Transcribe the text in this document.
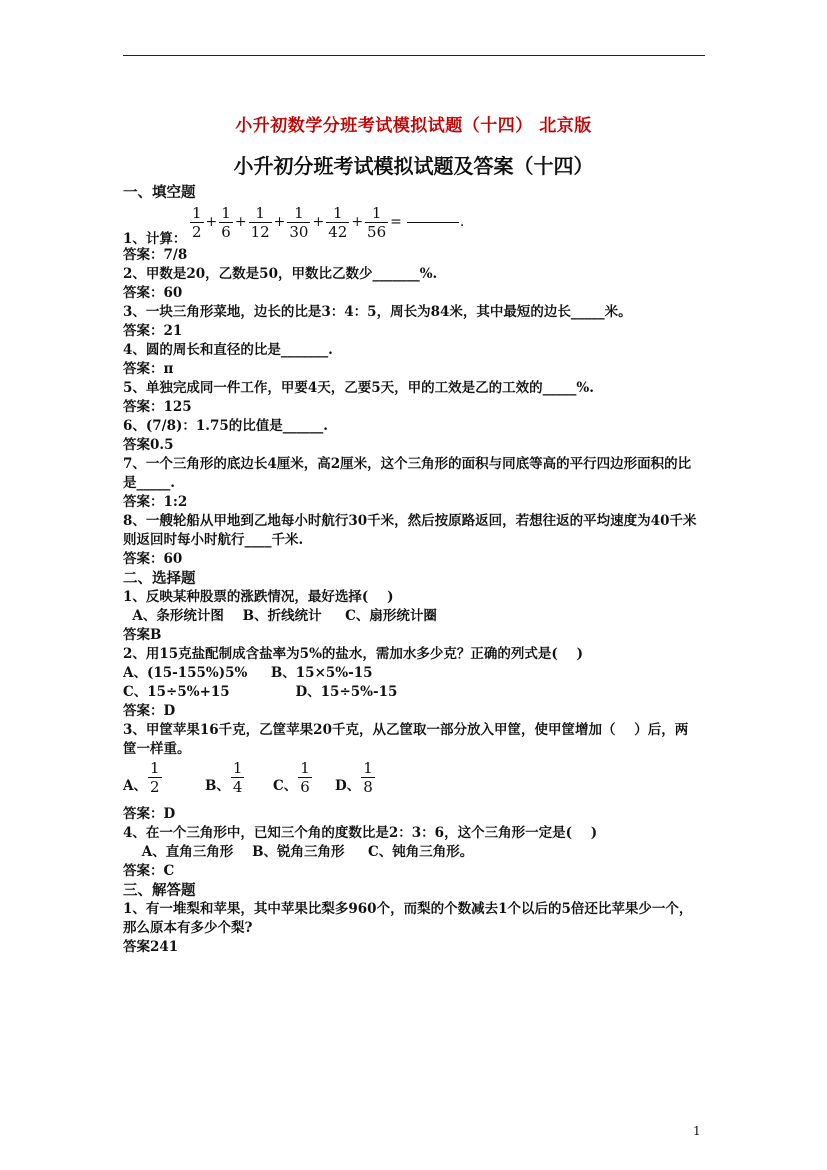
小升初数学分班考试模拟试题（十四） 北京版
小升初分班考试模拟试题及答案（十四）
一、填空题
1、计算： $\frac{1}{2} + \frac{1}{6} + \frac{1}{12} + \frac{1}{30} + \frac{1}{42} + \frac{1}{56}$ =	.
答案：7/8
2、甲数是20，乙数是50，甲数比乙数少_______%.
答案：60
3、一块三角形菜地，边长的比是3：4：5，周长为84米，其中最短的边长_____米。
答案：21
4、圆的周长和直径的比是_______.
答案：π
5、单独完成同一件工作，甲要4天，乙要5天，甲的工效是乙的工效的_____%.
答案：125
6、(7/8)：1.75的比值是______.
答案0.5
7、一个三角形的底边长4厘米，高2厘米，这个三角形的面积与同底等高的平行四边形面积的比
是_____.
答案：1:2
8、一艘轮船从甲地到乙地每小时航行30千米，然后按原路返回，若想往返的平均速度为40千米
则返回时每小时航行____千米.
答案：60
二、选择题
1、反映某种股票的涨跌情况，最好选择(    )
A、条形统计图    B、折线统计     C、扇形统计圈
答案B
2、用15克盐配制成含盐率为5%的盐水，需加水多少克？正确的列式是(    )
A、(15-155%)5%     B、15×5%-15
C、15÷5%+15              D、15÷5%-15
答案：D
3、甲筐苹果16千克，乙筐苹果20千克，从乙筐取一部分放入甲筐，使甲筐增加（    ）后，两
筐一样重。
A、 $\frac{1}{2}$	B、 $\frac{1}{4}$ C、 $\frac{1}{6}$ D、 $\frac{1}{8}$
答案：D
4、在一个三角形中，已知三个角的度数比是2：3：6，这个三角形一定是(    )
A、直角三角形    B、锐角三角形     C、钝角三角形。
答案：C
三、解答题
1、有一堆梨和苹果，其中苹果比梨多960个，而梨的个数减去1个以后的5倍还比苹果少一个，
那么原本有多少个梨?
答案241
1
